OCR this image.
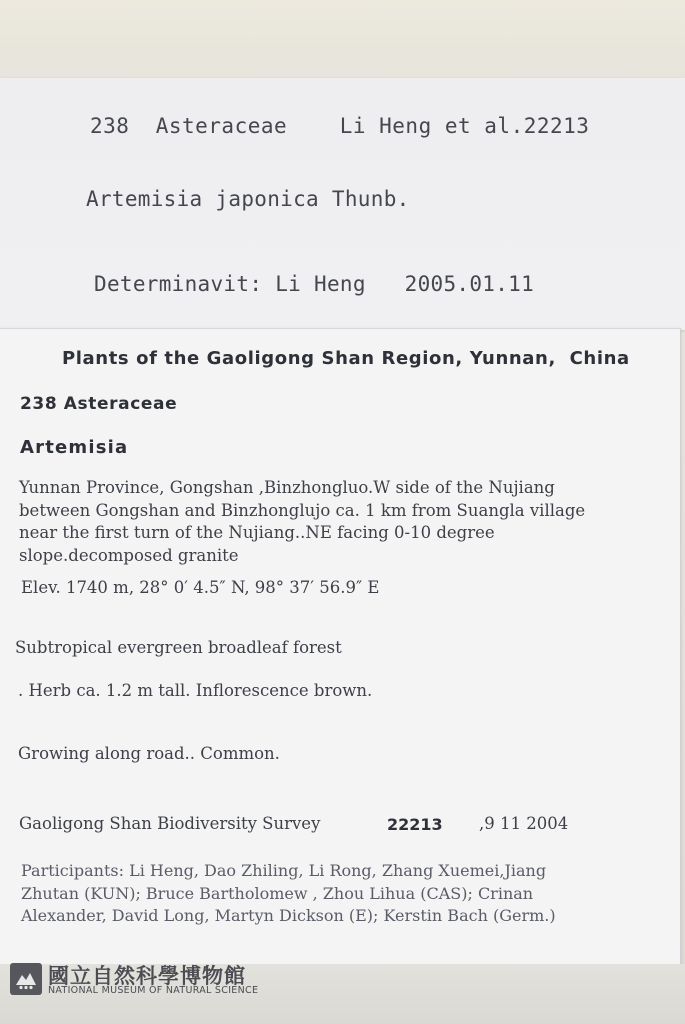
238  Asteraceae    Li Heng et al.22213
Artemisia japonica Thunb.
Determinavit: Li Heng   2005.01.11
Plants of the Gaoligong Shan Region, Yunnan,  China
238 Asteraceae
Artemisia
Yunnan Province, Gongshan ,Binzhongluo.W side of the Nujiang
between Gongshan and Binzhonglujo ca. 1 km from Suangla village
near the first turn of the Nujiang..NE facing 0-10 degree
slope.decomposed granite
Elev. 1740 m, 28° 0′ 4.5″ N, 98° 37′ 56.9″ E
Subtropical evergreen broadleaf forest
. Herb ca. 1.2 m tall. Inflorescence brown.
Growing along road.. Common.
Gaoligong Shan Biodiversity Survey	22213 ,9 11 2004
Participants: Li Heng, Dao Zhiling, Li Rong, Zhang Xuemei,Jiang
Zhutan (KUN); Bruce Bartholomew , Zhou Lihua (CAS); Crinan
Alexander, David Long, Martyn Dickson (E); Kerstin Bach (Germ.)
國立自然科學博物館
NATIONAL MUSEUM OF NATURAL SCIENCE
